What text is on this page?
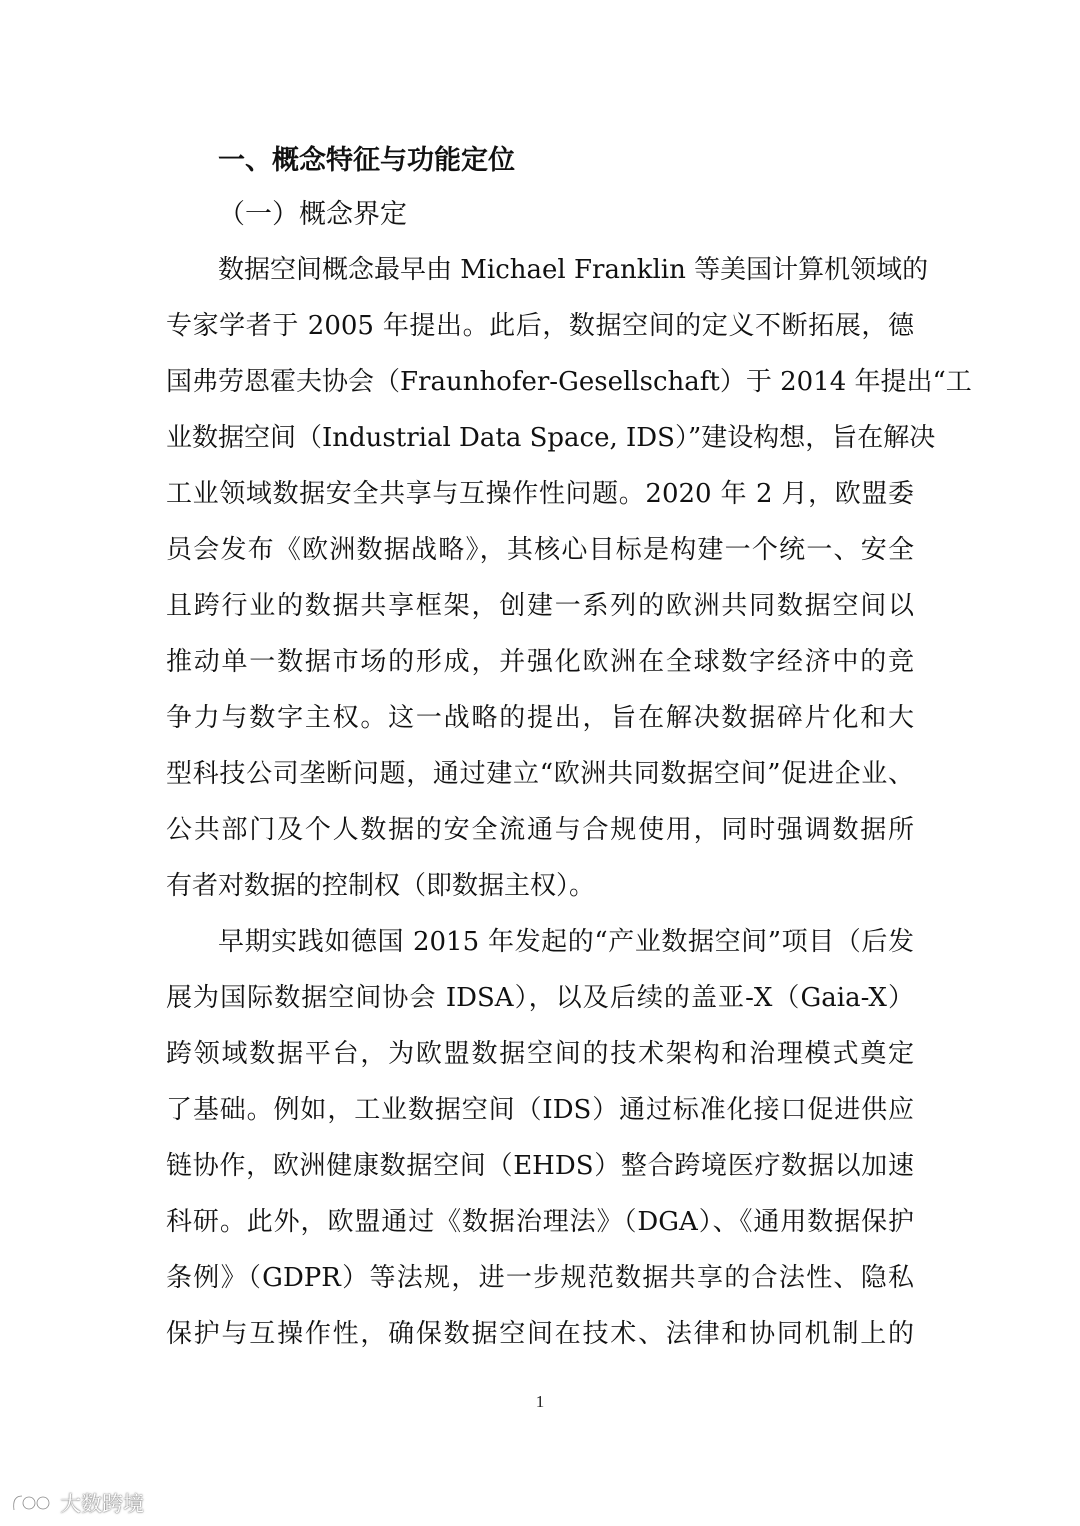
一、概念特征与功能定位
（一）概念界定
数据空间概念最早由 Michael Franklin 等美国计算机领域的
专家学者于 2005 年提出。此后，数据空间的定义不断拓展，德
国弗劳恩霍夫协会（Fraunhofer-Gesellschaft）于 2014 年提出“工
业数据空间（Industrial Data Space, IDS）”建设构想，旨在解决
工业领域数据安全共享与互操作性问题。2020 年 2 月，欧盟委
员会发布《欧洲数据战略》，其核心目标是构建一个统一、安全
且跨行业的数据共享框架，创建一系列的欧洲共同数据空间以
推动单一数据市场的形成，并强化欧洲在全球数字经济中的竞
争力与数字主权。这一战略的提出，旨在解决数据碎片化和大
型科技公司垄断问题，通过建立“欧洲共同数据空间”促进企业、
公共部门及个人数据的安全流通与合规使用，同时强调数据所
有者对数据的控制权（即数据主权）。
早期实践如德国 2015 年发起的“产业数据空间”项目（后发
展为国际数据空间协会 IDSA），以及后续的盖亚-X（Gaia-X）
跨领域数据平台，为欧盟数据空间的技术架构和治理模式奠定
了基础。例如，工业数据空间（IDS）通过标准化接口促进供应
链协作，欧洲健康数据空间（EHDS）整合跨境医疗数据以加速
科研。此外，欧盟通过《数据治理法》（DGA）、《通用数据保护
条例》（GDPR）等法规，进一步规范数据共享的合法性、隐私
保护与互操作性，确保数据空间在技术、法律和协同机制上的
1
大数跨境
